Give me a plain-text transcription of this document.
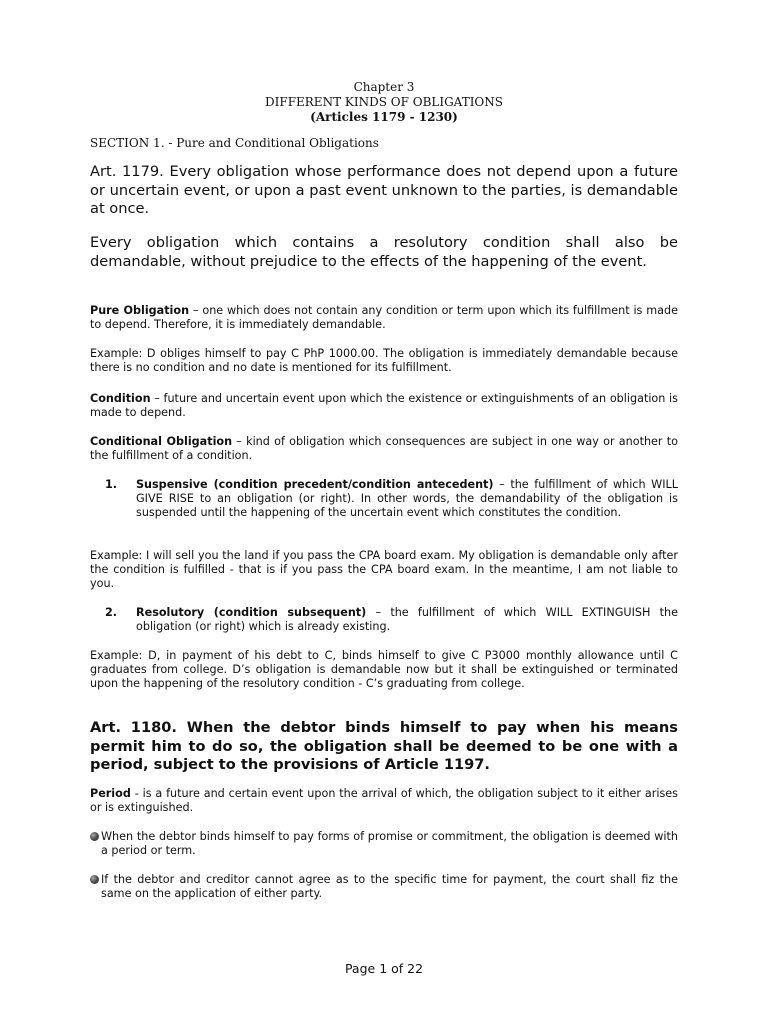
Chapter 3
DIFFERENT KINDS OF OBLIGATIONS
(Articles 1179 - 1230)
SECTION 1. - Pure and Conditional Obligations
Art. 1179. Every obligation whose performance does not depend upon a future or uncertain event, or upon a past event unknown to the parties, is demandable at once.
Every obligation which contains a resolutory condition shall also be demandable, without prejudice to the effects of the happening of the event.
Pure Obligation – one which does not contain any condition or term upon which its fulfillment is made to depend. Therefore, it is immediately demandable.
Example: D obliges himself to pay C PhP 1000.00. The obligation is immediately demandable because there is no condition and no date is mentioned for its fulfillment.
Condition – future and uncertain event upon which the existence or extinguishments of an obligation is made to depend.
Conditional Obligation – kind of obligation which consequences are subject in one way or another to the fulfillment of a condition.
1. Suspensive (condition precedent/condition antecedent) – the fulfillment of which WILL GIVE RISE to an obligation (or right). In other words, the demandability of the obligation is suspended until the happening of the uncertain event which constitutes the condition.
Example: I will sell you the land if you pass the CPA board exam. My obligation is demandable only after the condition is fulfilled - that is if you pass the CPA board exam. In the meantime, I am not liable to you.
2. Resolutory (condition subsequent) – the fulfillment of which WILL EXTINGUISH the obligation (or right) which is already existing.
Example: D, in payment of his debt to C, binds himself to give C P3000 monthly allowance until C graduates from college. D’s obligation is demandable now but it shall be extinguished or terminated upon the happening of the resolutory condition - C’s graduating from college.
Art. 1180. When the debtor binds himself to pay when his means permit him to do so, the obligation shall be deemed to be one with a period, subject to the provisions of Article 1197.
Period - is a future and certain event upon the arrival of which, the obligation subject to it either arises or is extinguished.
When the debtor binds himself to pay forms of promise or commitment, the obligation is deemed with a period or term.
If the debtor and creditor cannot agree as to the specific time for payment, the court shall fiz the same on the application of either party.
Page 1 of 22
